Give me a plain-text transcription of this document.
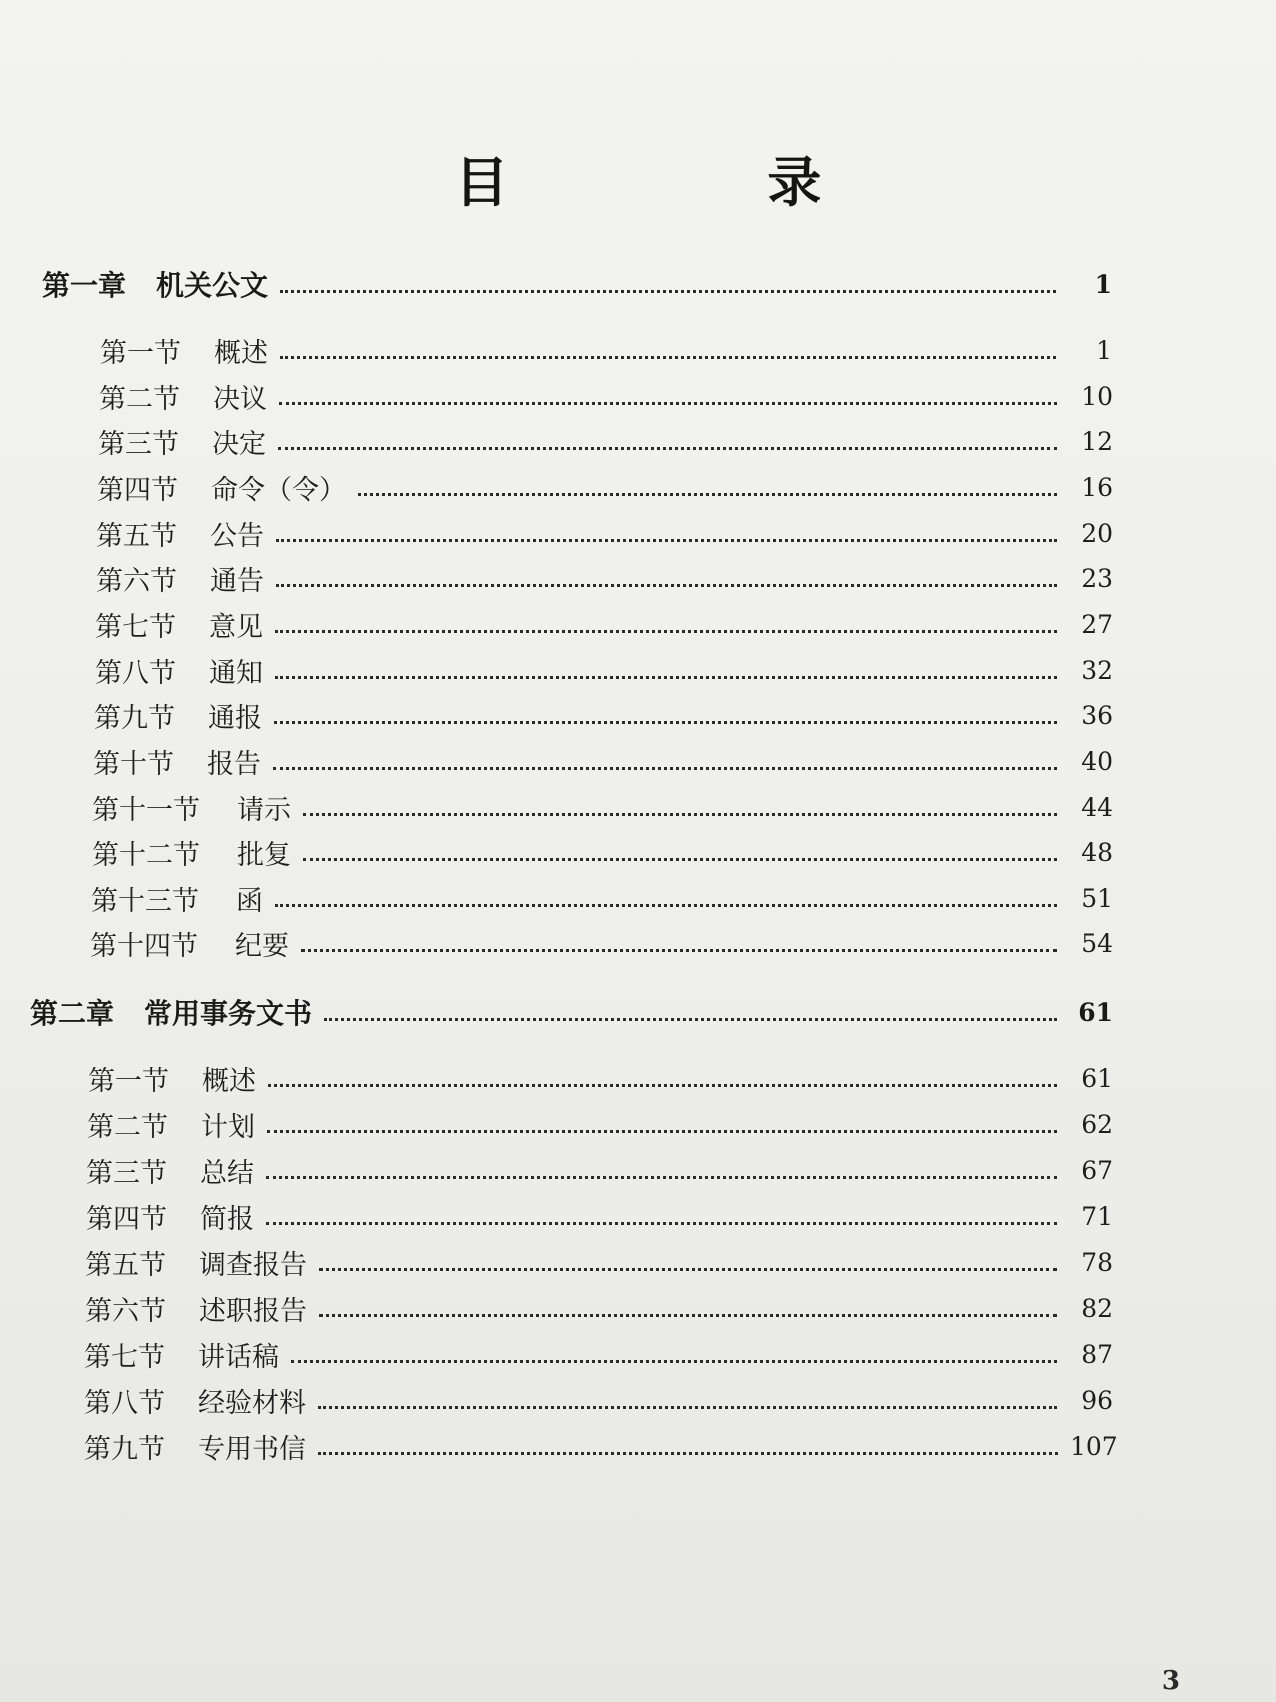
目 录
第一章 机关公文	1
第一节	概述	1
第二节	决议	10
第三节	决定	12
第四节	命令（令）	16
第五节	公告	20
第六节	通告	23
第七节	意见	27
第八节	通知	32
第九节	通报	36
第十节	报告	40
第十一节	请示	44
第十二节	批复	48
第十三节	函	51
第十四节	纪要	54
第二章 常用事务文书	61
第一节	概述	61
第二节	计划	62
第三节	总结	67
第四节	简报	71
第五节	调查报告	78
第六节	述职报告	82
第七节	讲话稿	87
第八节	经验材料	96
第九节	专用书信	107
3
